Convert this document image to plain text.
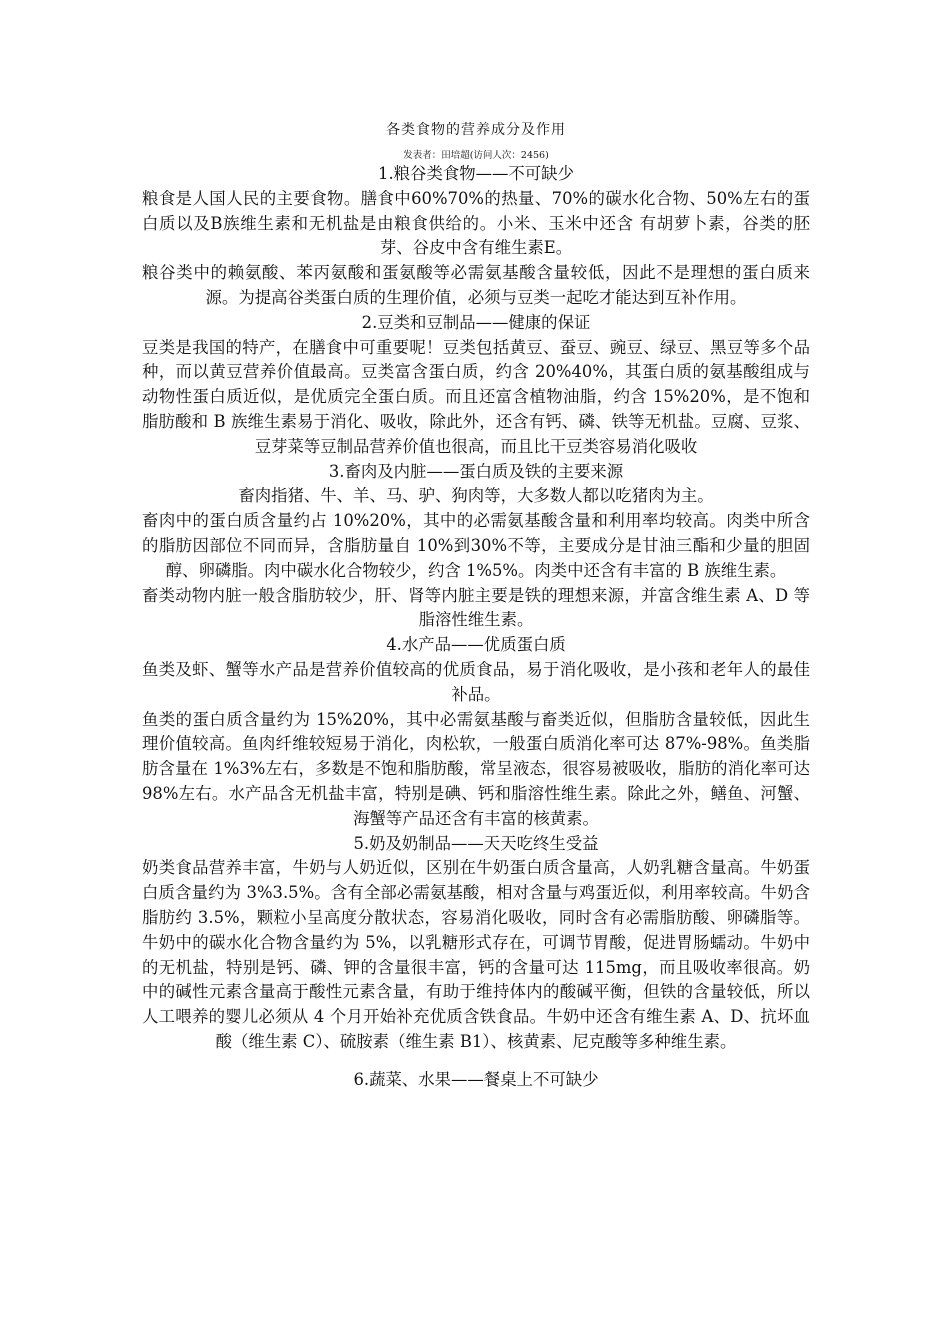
各类食物的营养成分及作用
发表者：田培超(访问人次：2456)
1.粮谷类食物——不可缺少
粮食是人国人民的主要食物。膳食中60%70%的热量、70%的碳水化合物、50%左右的蛋白质以及B族维生素和无机盐是由粮食供给的。小米、玉米中还含 有胡萝卜素，谷类的胚芽、谷皮中含有维生素E。
粮谷类中的赖氨酸、苯丙氨酸和蛋氨酸等必需氨基酸含量较低，因此不是理想的蛋白质来源。为提高谷类蛋白质的生理价值，必须与豆类一起吃才能达到互补作用。
2.豆类和豆制品——健康的保证
豆类是我国的特产，在膳食中可重要呢！豆类包括黄豆、蚕豆、豌豆、绿豆、黑豆等多个品种，而以黄豆营养价值最高。豆类富含蛋白质，约含 20%40%，其蛋白质的氨基酸组成与动物性蛋白质近似，是优质完全蛋白质。而且还富含植物油脂，约含 15%20%，是不饱和脂肪酸和 B 族维生素易于消化、吸收，除此外，还含有钙、磷、铁等无机盐。豆腐、豆浆、豆芽菜等豆制品营养价值也很高，而且比干豆类容易消化吸收
3.畜肉及内脏——蛋白质及铁的主要来源
畜肉指猪、牛、羊、马、驴、狗肉等，大多数人都以吃猪肉为主。
畜肉中的蛋白质含量约占 10%20%，其中的必需氨基酸含量和利用率均较高。肉类中所含的脂肪因部位不同而异，含脂肪量自 10%到30%不等，主要成分是甘油三酯和少量的胆固醇、卵磷脂。肉中碳水化合物较少，约含 1%5%。肉类中还含有丰富的 B 族维生素。
畜类动物内脏一般含脂肪较少，肝、肾等内脏主要是铁的理想来源，并富含维生素 A、D 等脂溶性维生素。
4.水产品——优质蛋白质
鱼类及虾、蟹等水产品是营养价值较高的优质食品，易于消化吸收，是小孩和老年人的最佳补品。
鱼类的蛋白质含量约为 15%20%，其中必需氨基酸与畜类近似，但脂肪含量较低，因此生理价值较高。鱼肉纤维较短易于消化，肉松软，一般蛋白质消化率可达 87%-98%。鱼类脂肪含量在 1%3%左右，多数是不饱和脂肪酸，常呈液态，很容易被吸收，脂肪的消化率可达 98%左右。水产品含无机盐丰富，特别是碘、钙和脂溶性维生素。除此之外，鳝鱼、河蟹、海蟹等产品还含有丰富的核黄素。
5.奶及奶制品——天天吃终生受益
奶类食品营养丰富，牛奶与人奶近似，区别在牛奶蛋白质含量高，人奶乳糖含量高。牛奶蛋白质含量约为 3%3.5%。含有全部必需氨基酸，相对含量与鸡蛋近似，利用率较高。牛奶含脂肪约 3.5%，颗粒小呈高度分散状态，容易消化吸收，同时含有必需脂肪酸、卵磷脂等。牛奶中的碳水化合物含量约为 5%，以乳糖形式存在，可调节胃酸，促进胃肠蠕动。牛奶中的无机盐，特别是钙、磷、钾的含量很丰富，钙的含量可达 115mg，而且吸收率很高。奶中的碱性元素含量高于酸性元素含量，有助于维持体内的酸碱平衡，但铁的含量较低，所以人工喂养的婴儿必须从 4 个月开始补充优质含铁食品。牛奶中还含有维生素 A、D、抗坏血酸（维生素 C）、硫胺素（维生素 B1）、核黄素、尼克酸等多种维生素。
6.蔬菜、水果——餐桌上不可缺少
